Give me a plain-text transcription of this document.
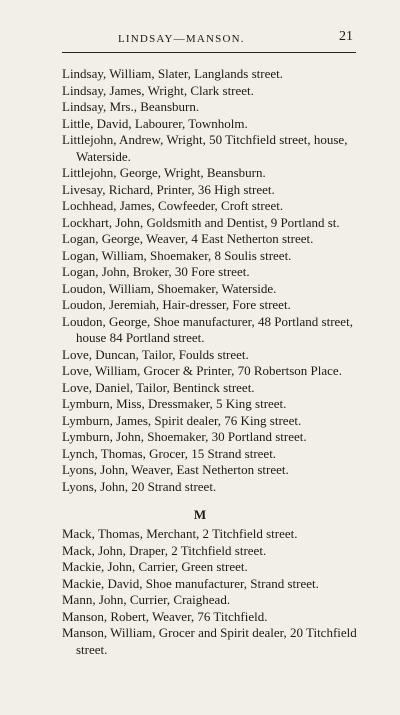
LINDSAY—MANSON.	21
Lindsay, William, Slater, Langlands street.
Lindsay, James, Wright, Clark street.
Lindsay, Mrs., Beansburn.
Little, David, Labourer, Townholm.
Littlejohn, Andrew, Wright, 50 Titchfield street, house, Waterside.
Littlejohn, George, Wright, Beansburn.
Livesay, Richard, Printer, 36 High street.
Lochhead, James, Cowfeeder, Croft street.
Lockhart, John, Goldsmith and Dentist, 9 Portland st.
Logan, George, Weaver, 4 East Netherton street.
Logan, William, Shoemaker, 8 Soulis street.
Logan, John, Broker, 30 Fore street.
Loudon, William, Shoemaker, Waterside.
Loudon, Jeremiah, Hair-dresser, Fore street.
Loudon, George, Shoe manufacturer, 48 Portland street, house 84 Portland street.
Love, Duncan, Tailor, Foulds street.
Love, William, Grocer & Printer, 70 Robertson Place.
Love, Daniel, Tailor, Bentinck street.
Lymburn, Miss, Dressmaker, 5 King street.
Lymburn, James, Spirit dealer, 76 King street.
Lymburn, John, Shoemaker, 30 Portland street.
Lynch, Thomas, Grocer, 15 Strand street.
Lyons, John, Weaver, East Netherton street.
Lyons, John, 20 Strand street.
M
Mack, Thomas, Merchant, 2 Titchfield street.
Mack, John, Draper, 2 Titchfield street.
Mackie, John, Carrier, Green street.
Mackie, David, Shoe manufacturer, Strand street.
Mann, John, Currier, Craighead.
Manson, Robert, Weaver, 76 Titchfield.
Manson, William, Grocer and Spirit dealer, 20 Titchfield street.
